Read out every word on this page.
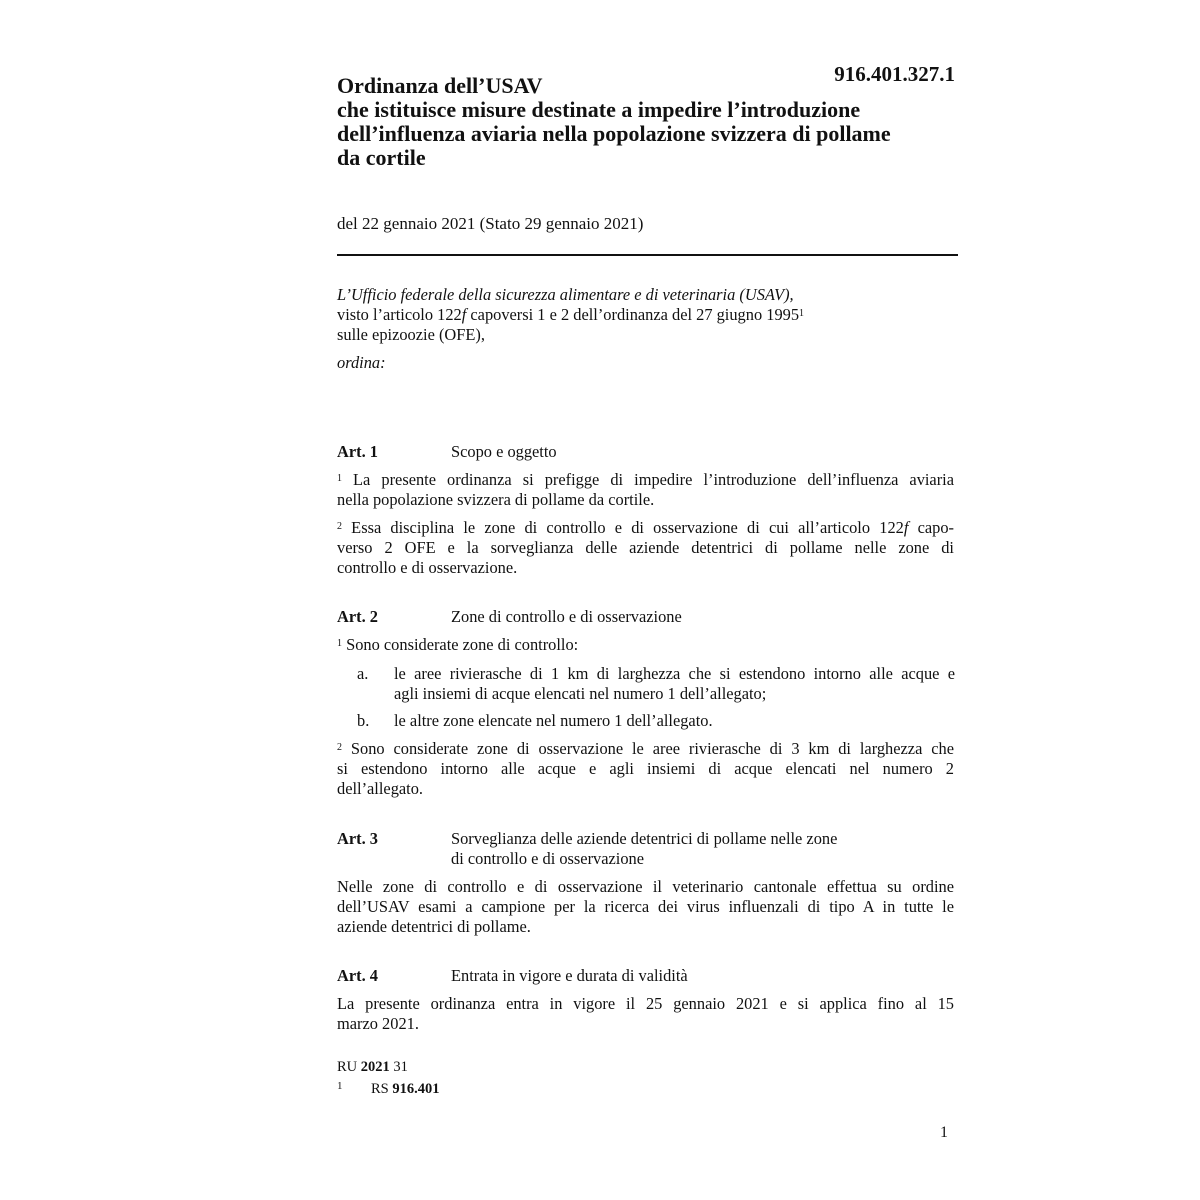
916.401.327.1
Ordinanza dell’USAV
che istituisce misure destinate a impedire l’introduzione
dell’influenza aviaria nella popolazione svizzera di pollame
da cortile
del 22 gennaio 2021 (Stato 29 gennaio 2021)
L’Ufficio federale della sicurezza alimentare e di veterinaria (USAV),
visto l’articolo 122f capoversi 1 e 2 dell’ordinanza del 27 giugno 1995$^1$
sulle epizoozie (OFE),
ordina:
Art. 1	Scopo e oggetto
$^1$ La presente ordinanza si prefigge di impedire l’introduzione dell’influenza aviaria
nella popolazione svizzera di pollame da cortile.
$^2$ Essa disciplina le zone di controllo e di osservazione di cui all’articolo 122f capo-
verso 2 OFE e la sorveglianza delle aziende detentrici di pollame nelle zone di
controllo e di osservazione.
Art. 2	Zone di controllo e di osservazione
$^1$ Sono considerate zone di controllo:
a. le aree rivierasche di 1 km di larghezza che si estendono intorno alle acque e
agli insiemi di acque elencati nel numero 1 dell’allegato;
b. le altre zone elencate nel numero 1 dell’allegato.
$^2$ Sono considerate zone di osservazione le aree rivierasche di 3 km di larghezza che
si estendono intorno alle acque e agli insiemi di acque elencati nel numero 2
dell’allegato.
Art. 3	Sorveglianza delle aziende detentrici di pollame nelle zone
di controllo e di osservazione
Nelle zone di controllo e di osservazione il veterinario cantonale effettua su ordine
dell’USAV esami a campione per la ricerca dei virus influenzali di tipo A in tutte le
aziende detentrici di pollame.
Art. 4	Entrata in vigore e durata di validità
La presente ordinanza entra in vigore il 25 gennaio 2021 e si applica fino al 15
marzo 2021.
RU 2021 31
1 RS 916.401
1
